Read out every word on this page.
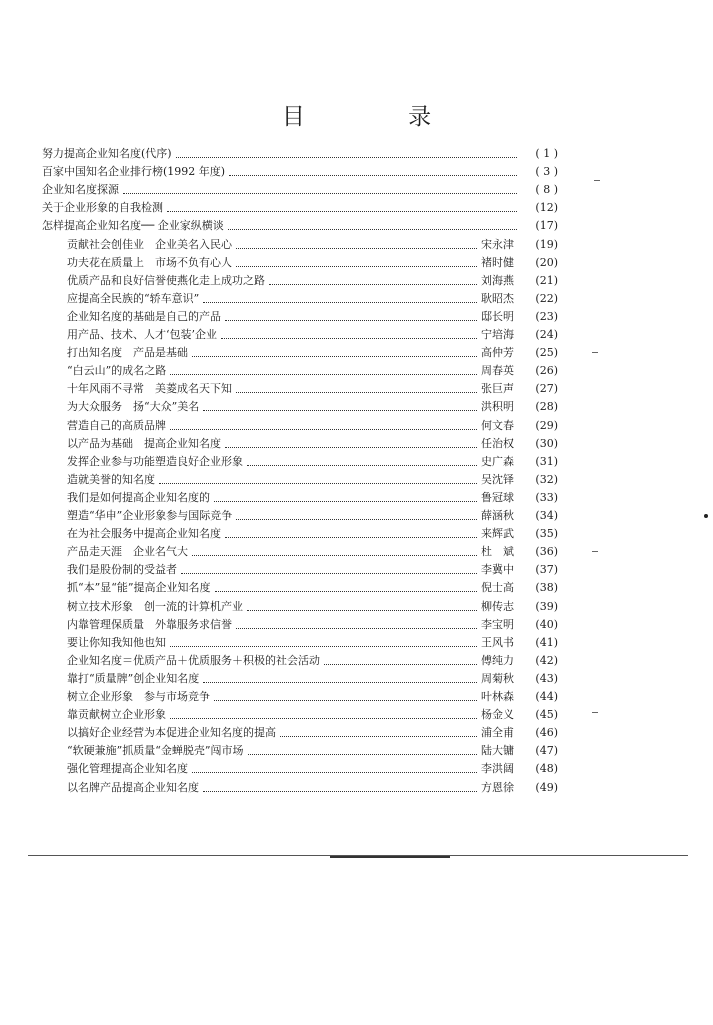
目 录
努力提高企业知名度(代序)	( 1 )
百家中国知名企业排行榜(1992 年度)	( 3 )
企业知名度探源	( 8 )
关于企业形象的自我检测	(12)
怎样提高企业知名度── 企业家纵横谈	(17)
贡献社会创佳业　企业美名入民心	宋永津	(19)
功夫花在质量上　市场不负有心人	褚时健	(20)
优质产品和良好信誉使燕化走上成功之路	刘海燕	(21)
应提高全民族的“轿车意识”	耿昭杰	(22)
企业知名度的基础是自己的产品	邸长明	(23)
用产品、技术、人才‘包装’企业	宁培海	(24)
打出知名度　产品是基础	高仲芳	(25)
“白云山”的成名之路	周春英	(26)
十年风雨不寻常　美菱成名天下知	张巨声	(27)
为大众服务　扬“大众”美名	洪积明	(28)
营造自己的高质品牌	何文春	(29)
以产品为基础　提高企业知名度	任治权	(30)
发挥企业参与功能塑造良好企业形象	史广森	(31)
造就美誉的知名度	吴沈铎	(32)
我们是如何提高企业知名度的	鲁冠球	(33)
塑造“华申”企业形象参与国际竞争	薛涵秋	(34)
在为社会服务中提高企业知名度	来辉武	(35)
产品走天涯　企业名气大	杜　斌	(36)
我们是股份制的受益者	李冀中	(37)
抓“本”显“能”提高企业知名度	倪士高	(38)
树立技术形象　创一流的计算机产业	柳传志	(39)
内靠管理保质量　外靠服务求信誉	李宝明	(40)
要让你知我知他也知	王风书	(41)
企业知名度＝优质产品＋优质服务＋积极的社会活动	傅纯力	(42)
靠打“质量牌”创企业知名度	周菊秋	(43)
树立企业形象　参与市场竞争	叶林森	(44)
靠贡献树立企业形象	杨金义	(45)
以搞好企业经营为本促进企业知名度的提高	浦全甫	(46)
“软硬兼施”抓质量“金蝉脱壳”闯市场	陆大镛	(47)
强化管理提高企业知名度	李洪阔	(48)
以名牌产品提高企业知名度	方恩徐	(49)
